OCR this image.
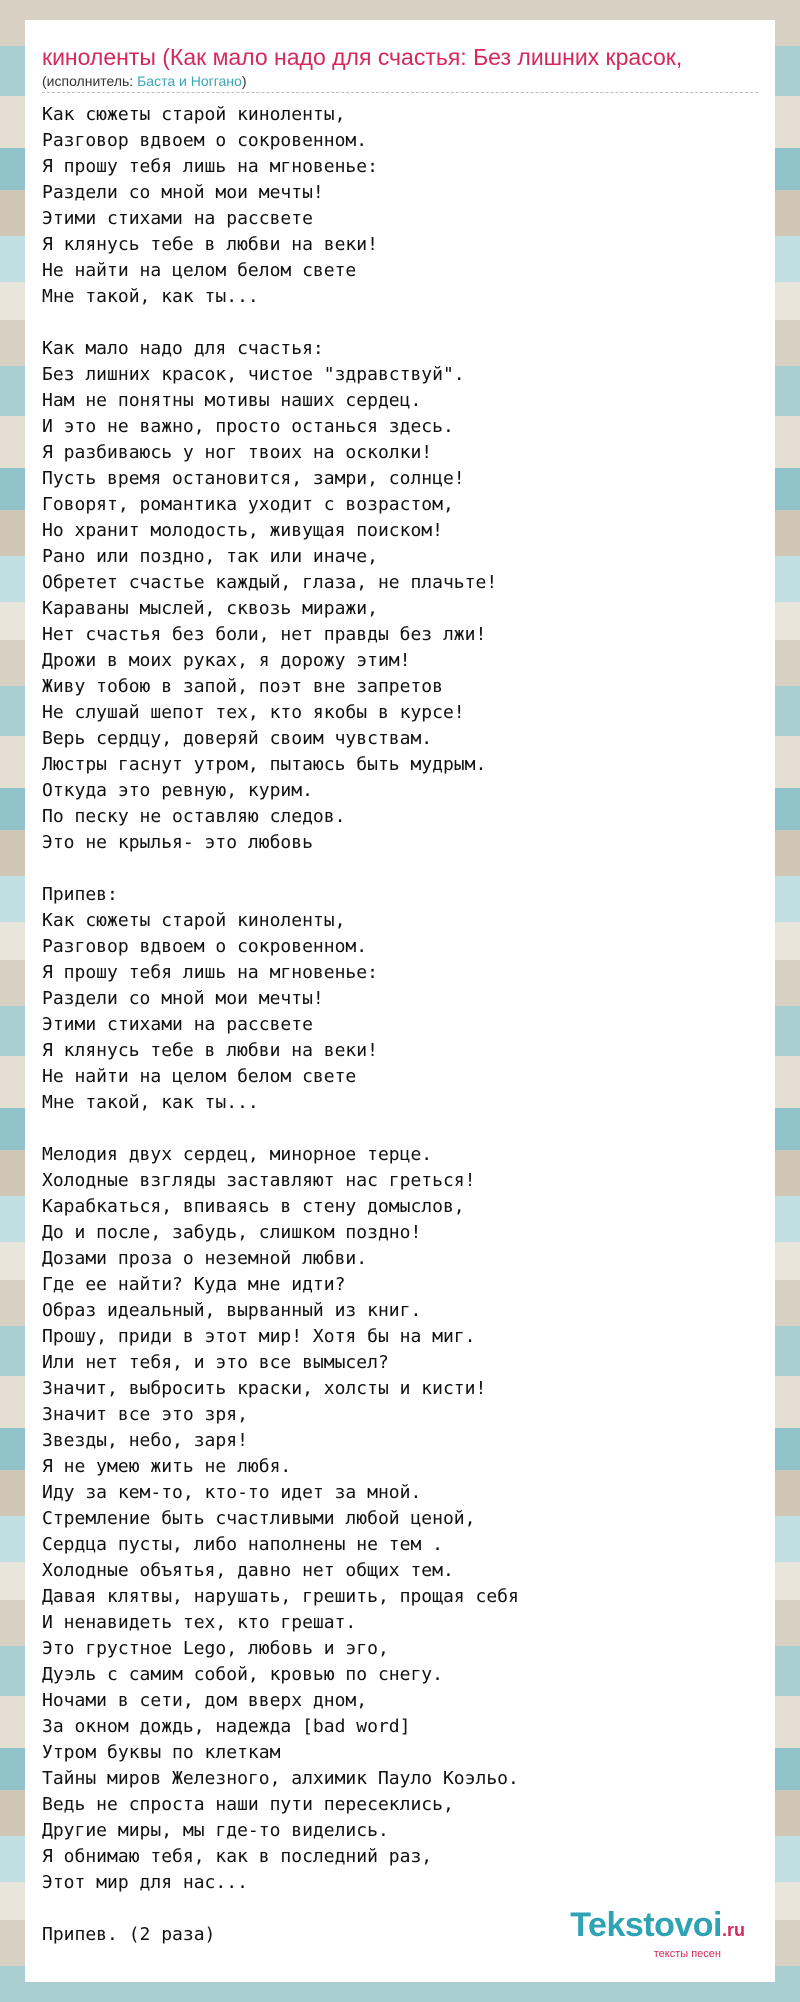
киноленты (Как мало надо для счастья: Без лишних красок,
(исполнитель: Баста и Ноггано)
Как сюжеты старой киноленты,
Разговор вдвоем о сокровенном.
Я прошу тебя лишь на мгновенье:
Раздели со мной мои мечты!
Этими стихами на рассвете
Я клянусь тебе в любви на веки!
Не найти на целом белом свете
Мне такой, как ты...

Как мало надо для счастья:
Без лишних красок, чистое "здравствуй".
Нам не понятны мотивы наших сердец.
И это не важно, просто останься здесь.
Я разбиваюсь у ног твоих на осколки!
Пусть время остановится, замри, солнце!
Говорят, романтика уходит с возрастом,
Но хранит молодость, живущая поиском!
Рано или поздно, так или иначе,
Обретет счастье каждый, глаза, не плачьте!
Караваны мыслей, сквозь миражи,
Нет счастья без боли, нет правды без лжи!
Дрожи в моих руках, я дорожу этим!
Живу тобою в запой, поэт вне запретов
Не слушай шепот тех, кто якобы в курсе!
Верь сердцу, доверяй своим чувствам.
Люстры гаснут утром, пытаюсь быть мудрым.
Откуда это ревную, курим.
По песку не оставляю следов.
Это не крылья- это любовь

Припев:
Как сюжеты старой киноленты,
Разговор вдвоем о сокровенном.
Я прошу тебя лишь на мгновенье:
Раздели со мной мои мечты!
Этими стихами на рассвете
Я клянусь тебе в любви на веки!
Не найти на целом белом свете
Мне такой, как ты...

Мелодия двух сердец, минорное терце.
Холодные взгляды заставляют нас греться!
Карабкаться, впиваясь в стену домыслов,
До и после, забудь, слишком поздно!
Дозами проза о неземной любви.
Где ее найти? Куда мне идти?
Образ идеальный, вырванный из книг.
Прошу, приди в этот мир! Хотя бы на миг.
Или нет тебя, и это все вымысел?
Значит, выбросить краски, холсты и кисти!
Значит все это зря,
Звезды, небо, заря!
Я не умею жить не любя.
Иду за кем-то, кто-то идет за мной.
Стремление быть счастливыми любой ценой,
Сердца пусты, либо наполнены не тем .
Холодные объятья, давно нет общих тем.
Давая клятвы, нарушать, грешить, прощая себя
И ненавидеть тех, кто грешат.
Это грустное Lego, любовь и эго,
Дуэль с самим собой, кровью по снегу.
Ночами в сети, дом вверх дном,
За окном дождь, надежда [bad word]
Утром буквы по клеткам
Тайны миров Железного, алхимик Пауло Коэльо.
Ведь не спроста наши пути пересеклись,
Другие миры, мы где-то виделись.
Я обнимаю тебя, как в последний раз,
Этот мир для нас...

Припев. (2 раза)	Tekstovoi.ru
тексты песен
